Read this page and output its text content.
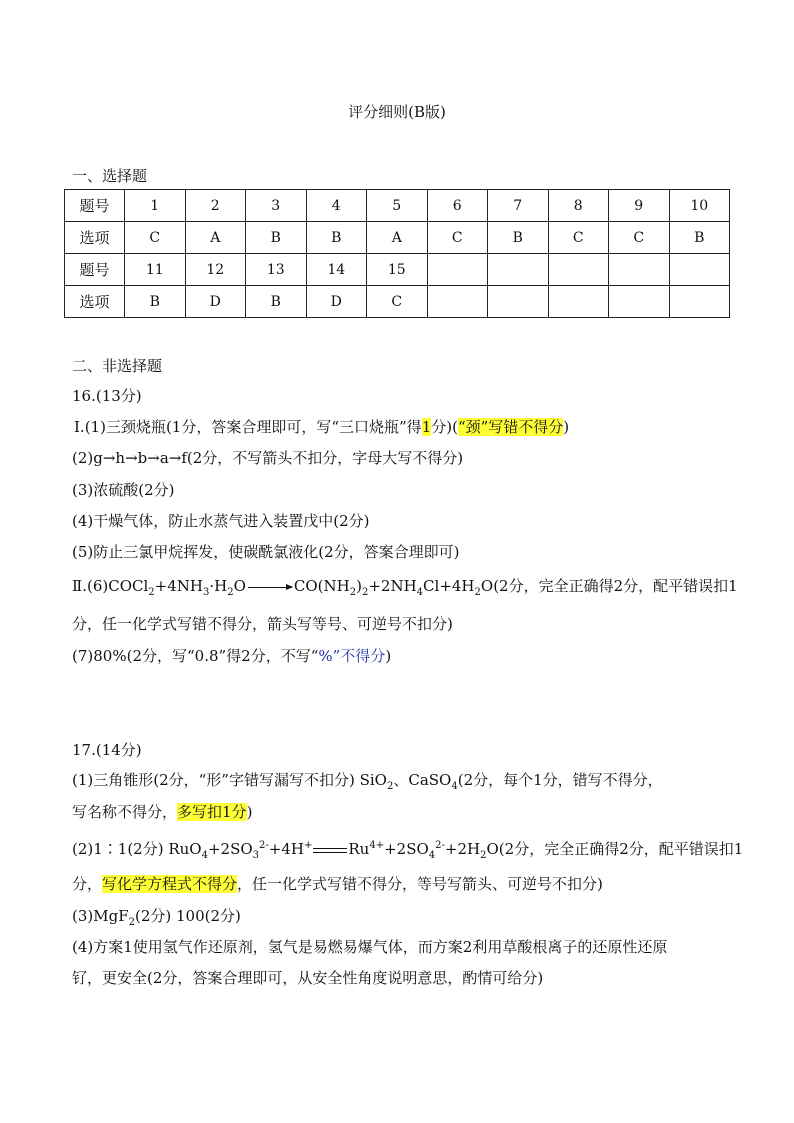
评分细则(B版)
一、选择题
题号	1	2	3	4	5	6	7	8	9	10
选项	C	A	B	B	A	C	B	C	C	B
题号	11	12	13	14	15					
选项	B	D	B	D	C					
二、非选择题
16.(13分)
Ⅰ.(1)三颈烧瓶(1分，答案合理即可，写“三口烧瓶”得1分)(“颈”写错不得分)
(2)g→h→b→a→f(2分，不写箭头不扣分，字母大写不得分)
(3)浓硫酸(2分)
(4)干燥气体，防止水蒸气进入装置戊中(2分)
(5)防止三氯甲烷挥发，使碳酰氯液化(2分，答案合理即可)
$Ⅱ.(6)COCl_2+4NH_3\cdot H_2O \to CO(NH_2)_2+2NH_4Cl+4H_2O(2$分，完全正确得2分，配平错误扣1
分，任一化学式写错不得分，箭头写等号、可逆号不扣分)
(7)80%(2分，写“0.8”得2分，不写“%”不得分)
17.(14分)
(1)三角锥形(2分，“形”字错写漏写不扣分) SiO$_2$、CaSO$_4$(2分，每个1分，错写不得分，
写名称不得分，多写扣1分)
(2)1∶1(2分) $RuO_4+2SO_3^{2-}+4H^+$ $Ru^{4+}+2SO_4^{2-}+2H_2O(2$分，完全正确得2分，配平错误扣1
分，写化学方程式不得分，任一化学式写错不得分，等号写箭头、可逆号不扣分)
(3)MgF$_2$(2分) 100(2分)
(4)方案1使用氢气作还原剂，氢气是易燃易爆气体，而方案2利用草酸根离子的还原性还原
钌，更安全(2分，答案合理即可，从安全性角度说明意思，酌情可给分)
